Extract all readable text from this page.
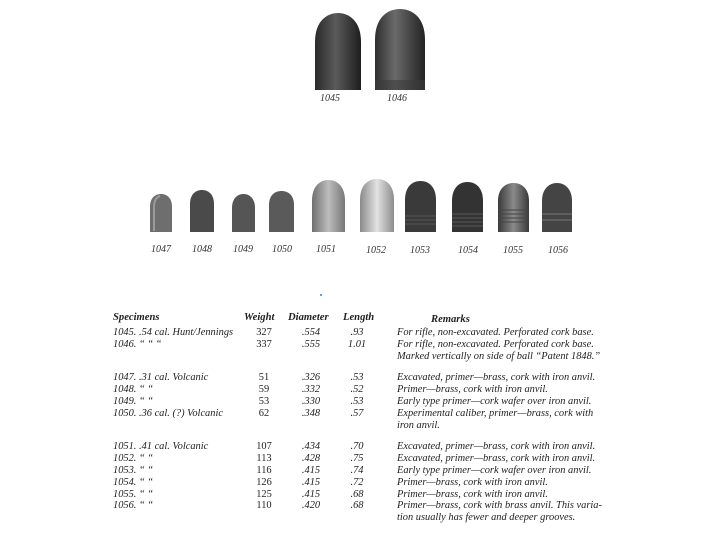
1045	1046
1047	1048	1049	1050	1051	1052	1053	1054	1055	1056
Specimens	Weight Diameter Length	Remarks
1045. .54 cal. Hunt/Jennings	327	.554	.93	For rifle, non-excavated. Perforated cork base.
1046. “ “ “	337	.555	1.01	For rifle, non-excavated. Perforated cork base.
Marked vertically on side of ball “Patent 1848.”
1047. .31 cal. Volcanic	51	.326	.53	Excavated, primer—brass, cork with iron anvil.
1048. “ “	59	.332	.52	Primer—brass, cork with iron anvil.
1049. “ “	53	.330	.53	Early type primer—cork wafer over iron anvil.
1050. .36 cal. (?) Volcanic	62	.348	.57	Experimental caliber, primer—brass, cork with
iron anvil.
1051. .41 cal. Volcanic	107	.434	.70	Excavated, primer—brass, cork with iron anvil.
1052. “ “	113	.428	.75	Excavated, primer—brass, cork with iron anvil.
1053. “ “	116	.415	.74	Early type primer—cork wafer over iron anvil.
1054. “ “	126	.415	.72	Primer—brass, cork with iron anvil.
1055. “ “	125	.415	.68	Primer—brass, cork with iron anvil.
1056. “ “	110	.420	.68	Primer—brass, cork with brass anvil. This varia-
tion usually has fewer and deeper grooves.
